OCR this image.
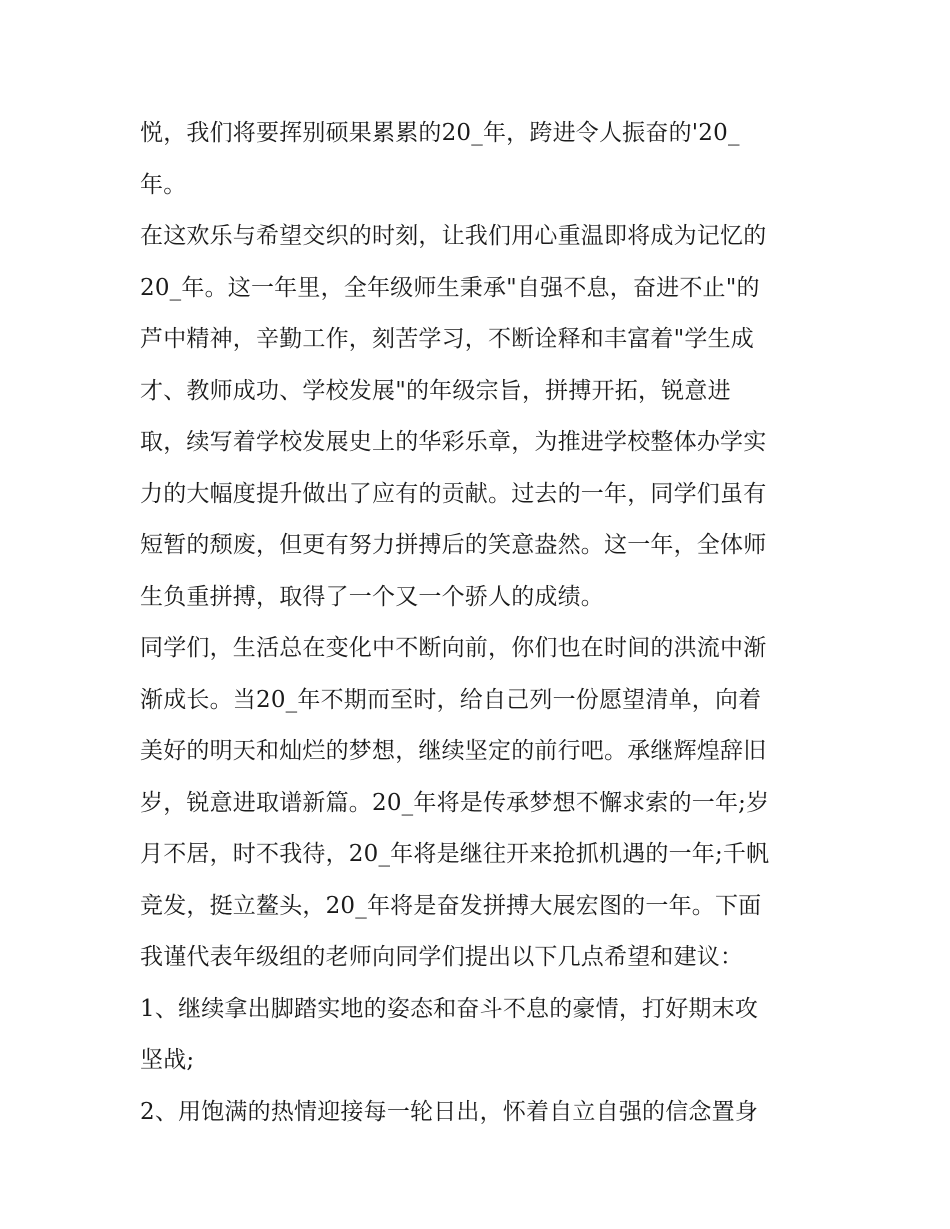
悦，我们将要挥别硕果累累的20_年，跨进令人振奋的'20_
年。
在这欢乐与希望交织的时刻，让我们用心重温即将成为记忆的
20_年。这一年里，全年级师生秉承"自强不息，奋进不止"的
芦中精神，辛勤工作，刻苦学习，不断诠释和丰富着"学生成
才、教师成功、学校发展"的年级宗旨，拼搏开拓，锐意进
取，续写着学校发展史上的华彩乐章，为推进学校整体办学实
力的大幅度提升做出了应有的贡献。过去的一年，同学们虽有
短暂的颓废，但更有努力拼搏后的笑意盎然。这一年，全体师
生负重拼搏，取得了一个又一个骄人的成绩。
同学们，生活总在变化中不断向前，你们也在时间的洪流中渐
渐成长。当20_年不期而至时，给自己列一份愿望清单，向着
美好的明天和灿烂的梦想，继续坚定的前行吧。承继辉煌辞旧
岁，锐意进取谱新篇。20_年将是传承梦想不懈求索的一年;岁
月不居，时不我待，20_年将是继往开来抢抓机遇的一年;千帆
竞发，挺立鳌头，20_年将是奋发拼搏大展宏图的一年。下面
我谨代表年级组的老师向同学们提出以下几点希望和建议：
1、继续拿出脚踏实地的姿态和奋斗不息的豪情，打好期末攻
坚战;
2、用饱满的热情迎接每一轮日出，怀着自立自强的信念置身
